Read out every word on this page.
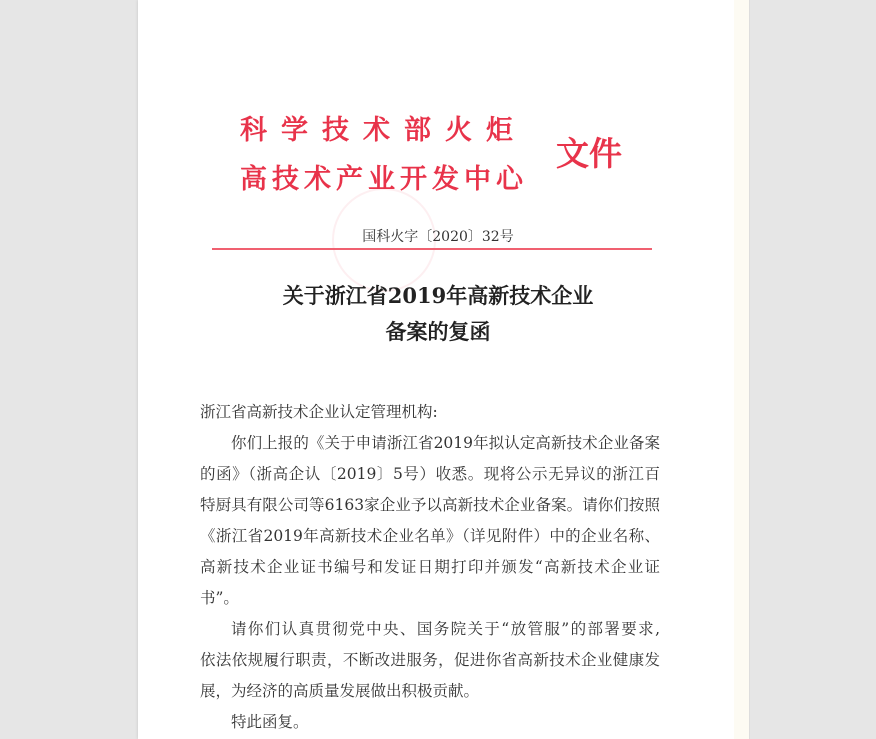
科学技术部火炬
高技术产业开发中心
文件
国科火字〔2020〕32号
关于浙江省2019年高新技术企业
备案的复函
浙江省高新技术企业认定管理机构:
你们上报的《关于申请浙江省2019年拟认定高新技术企业备案
的函》（浙高企认〔2019〕5号）收悉。现将公示无异议的浙江百
特厨具有限公司等6163家企业予以高新技术企业备案。请你们按照
《浙江省2019年高新技术企业名单》（详见附件）中的企业名称、
高新技术企业证书编号和发证日期打印并颁发“高新技术企业证
书”。
请你们认真贯彻党中央、国务院关于“放管服”的部署要求,
依法依规履行职责，不断改进服务，促进你省高新技术企业健康发
展，为经济的高质量发展做出积极贡献。
特此函复。
